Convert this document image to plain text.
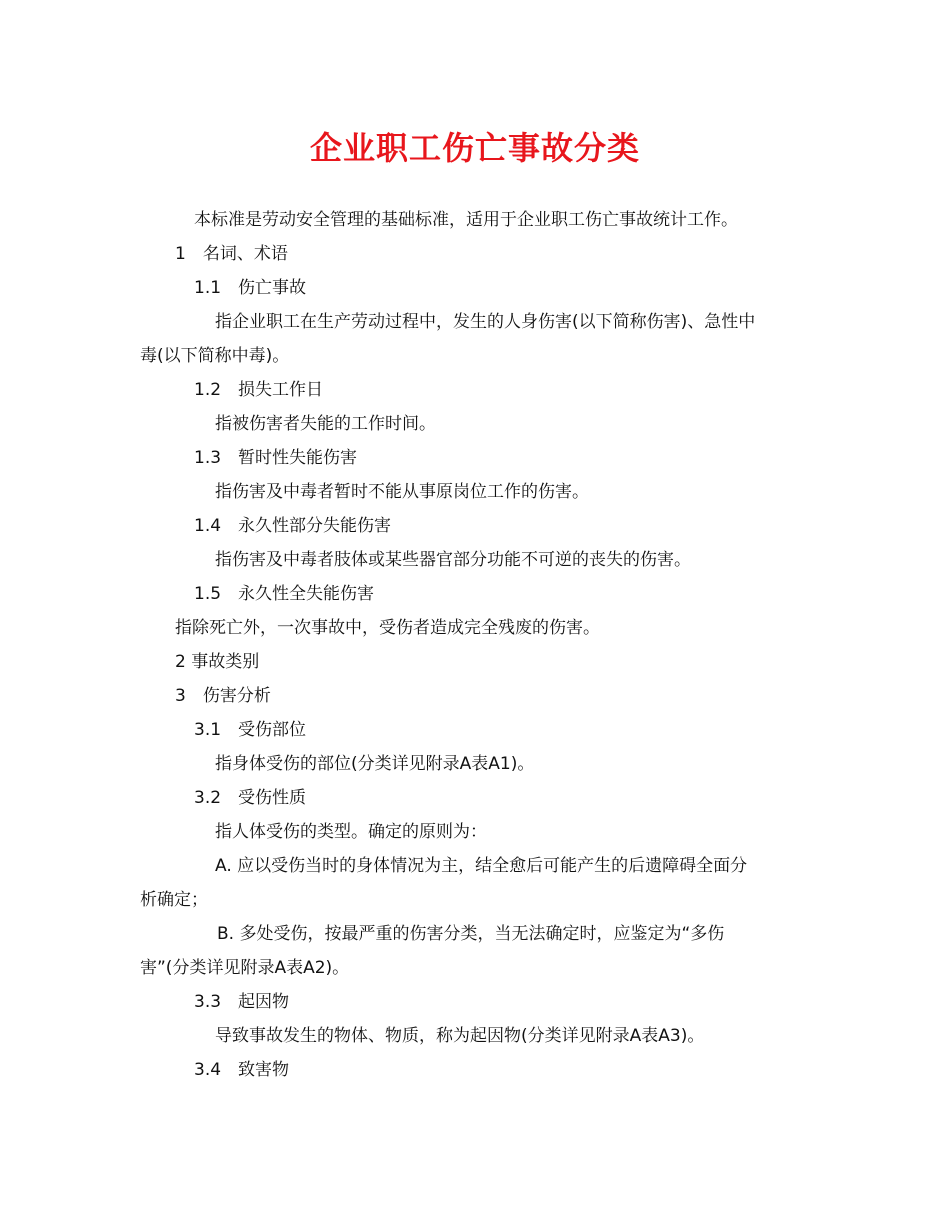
企业职工伤亡事故分类
本标准是劳动安全管理的基础标准，适用于企业职工伤亡事故统计工作。
1　名词、术语
1.1　伤亡事故
指企业职工在生产劳动过程中，发生的人身伤害(以下简称伤害)、急性中
毒(以下简称中毒)。
1.2　损失工作日
指被伤害者失能的工作时间。
1.3　暂时性失能伤害
指伤害及中毒者暂时不能从事原岗位工作的伤害。
1.4　永久性部分失能伤害
指伤害及中毒者肢体或某些器官部分功能不可逆的丧失的伤害。
1.5　永久性全失能伤害
指除死亡外，一次事故中，受伤者造成完全残废的伤害。
2 事故类别
3　伤害分析
3.1　受伤部位
指身体受伤的部位(分类详见附录A表A1)。
3.2　受伤性质
指人体受伤的类型。确定的原则为：
A. 应以受伤当时的身体情况为主，结全愈后可能产生的后遗障碍全面分
析确定；
B. 多处受伤，按最严重的伤害分类，当无法确定时，应鉴定为“多伤
害”(分类详见附录A表A2)。
3.3　起因物
导致事故发生的物体、物质，称为起因物(分类详见附录A表A3)。
3.4　致害物
